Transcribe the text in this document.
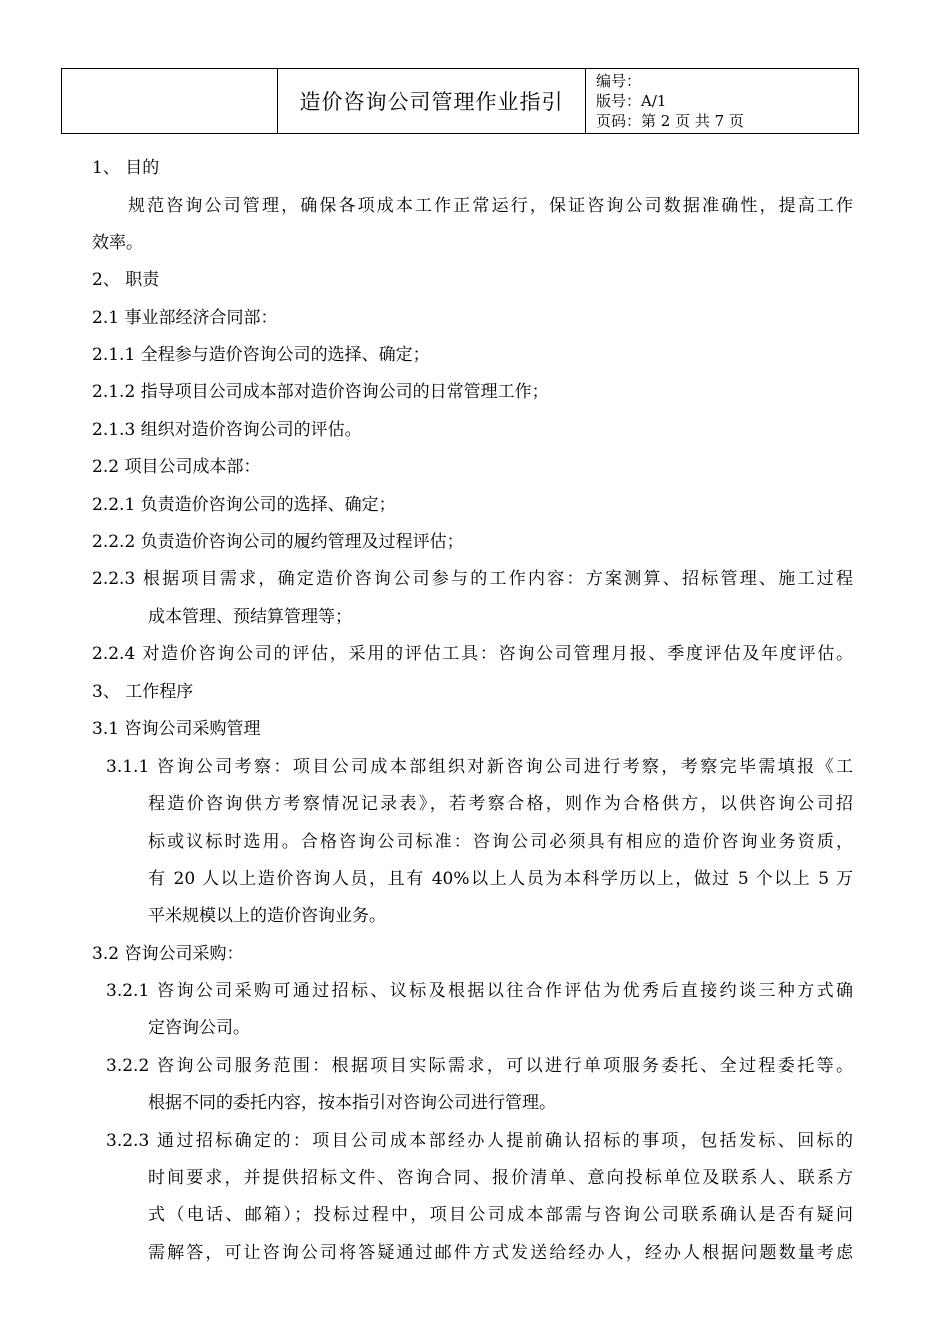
造价咨询公司管理作业指引
编号：
版号：A/1
页码：第 2 页 共 7 页
1、 目的
规范咨询公司管理，确保各项成本工作正常运行，保证咨询公司数据准确性，提高工作
效率。
2、 职责
2.1 事业部经济合同部：
2.1.1 全程参与造价咨询公司的选择、确定；
2.1.2 指导项目公司成本部对造价咨询公司的日常管理工作；
2.1.3 组织对造价咨询公司的评估。
2.2 项目公司成本部：
2.2.1 负责造价咨询公司的选择、确定；
2.2.2 负责造价咨询公司的履约管理及过程评估；
2.2.3 根据项目需求，确定造价咨询公司参与的工作内容：方案测算、招标管理、施工过程
成本管理、预结算管理等；
2.2.4 对造价咨询公司的评估，采用的评估工具：咨询公司管理月报、季度评估及年度评估。
3、 工作程序
3.1 咨询公司采购管理
3.1.1 咨询公司考察：项目公司成本部组织对新咨询公司进行考察，考察完毕需填报《工
程造价咨询供方考察情况记录表》，若考察合格，则作为合格供方，以供咨询公司招
标或议标时选用。合格咨询公司标准：咨询公司必须具有相应的造价咨询业务资质，
有 20 人以上造价咨询人员，且有 40%以上人员为本科学历以上，做过 5 个以上 5 万
平米规模以上的造价咨询业务。
3.2 咨询公司采购：
3.2.1 咨询公司采购可通过招标、议标及根据以往合作评估为优秀后直接约谈三种方式确
定咨询公司。
3.2.2 咨询公司服务范围：根据项目实际需求，可以进行单项服务委托、全过程委托等。
根据不同的委托内容，按本指引对咨询公司进行管理。
3.2.3 通过招标确定的：项目公司成本部经办人提前确认招标的事项，包括发标、回标的
时间要求，并提供招标文件、咨询合同、报价清单、意向投标单位及联系人、联系方
式（电话、邮箱）；投标过程中，项目公司成本部需与咨询公司联系确认是否有疑问
需解答，可让咨询公司将答疑通过邮件方式发送给经办人，经办人根据问题数量考虑
